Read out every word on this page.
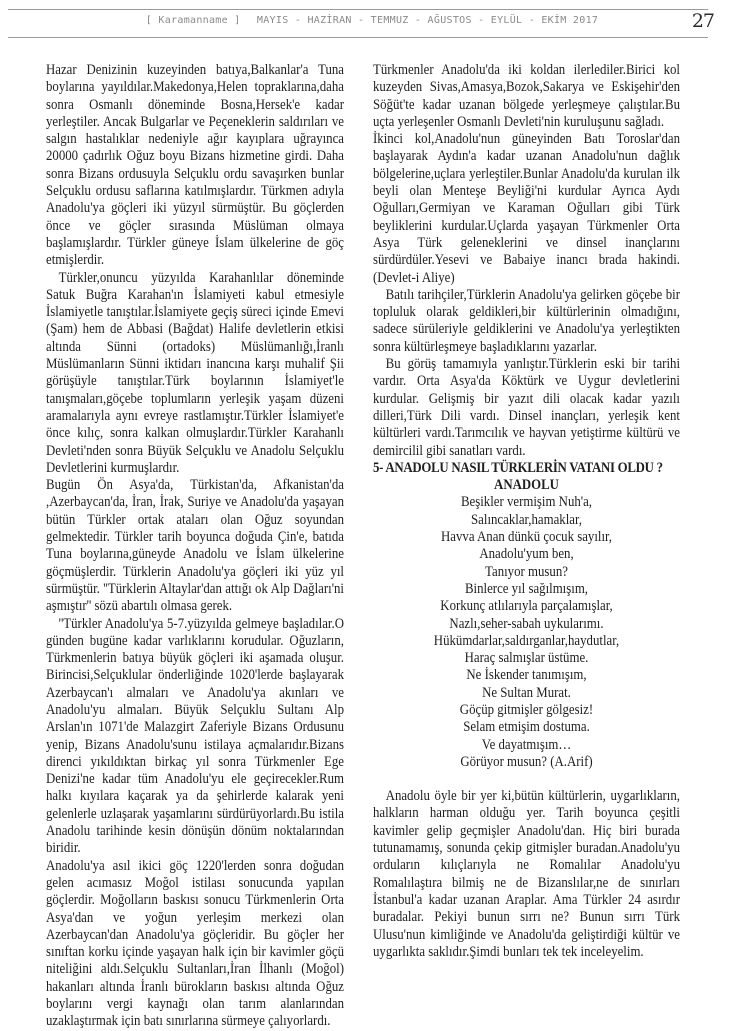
[ Karamanname ] MAYIS - HAZİRAN - TEMMUZ - AĞUSTOS - EYLÜL - EKİM 2017	27

Hazar Denizinin kuzeyinden batıya,Balkanlar'a Tuna boylarına yayıldılar.Makedonya,Helen topraklarına,daha sonra Osmanlı döneminde Bosna,Hersek'e kadar yerleştiler. Ancak Bulgarlar ve Peçeneklerin saldırıları ve salgın hastalıklar nedeniyle ağır kayıplara uğrayınca 20000 çadırlık Oğuz boyu Bizans hizmetine girdi. Daha sonra Bizans ordusuyla Selçuklu ordu savaşırken bunlar Selçuklu ordusu saflarına katılmışlardır. Türkmen adıyla Anadolu'ya göçleri iki yüzyıl sürmüştür. Bu göçlerden önce ve göçler sırasında Müslüman olmaya başlamışlardır. Türkler güneye İslam ülkelerine de göç etmişlerdir.

Türkler,onuncu yüzyılda Karahanlılar döneminde Satuk Buğra Karahan'ın İslamiyeti kabul etmesiyle İslamiyetle tanıştılar.İslamiyete geçiş süreci içinde Emevi (Şam) hem de Abbasi (Bağdat) Halife devletlerin etkisi altında Sünni (ortadoks) Müslümanlığı,İranlı Müslümanların Sünni iktidarı inancına karşı muhalif Şii görüşüyle tanıştılar.Türk boylarının İslamiyet'le tanışmaları,göçebe toplumların yerleşik yaşam düzeni aramalarıyla aynı evreye rastlamıştır.Türkler İslamiyet'e önce kılıç, sonra kalkan olmuşlardır.Türkler Karahanlı Devleti'nden sonra Büyük Selçuklu ve Anadolu Selçuklu Devletlerini kurmuşlardır.

Bugün Ön Asya'da, Türkistan'da, Afkanistan'da ,Azerbaycan'da, İran, İrak, Suriye ve Anadolu'da yaşayan bütün Türkler ortak ataları olan Oğuz soyundan gelmektedir. Türkler tarih boyunca doğuda Çin'e, batıda Tuna boylarına,güneyde Anadolu ve İslam ülkelerine göçmüşlerdir. Türklerin Anadolu'ya göçleri iki yüz yıl sürmüştür. ''Türklerin Altaylar'dan attığı ok Alp Dağları'ni aşmıştır'' sözü abartılı olmasa gerek.

''Türkler Anadolu'ya 5-7.yüzyılda gelmeye başladılar.O günden bugüne kadar varlıklarını korudular. Oğuzların, Türkmenlerin batıya büyük göçleri iki aşamada oluşur. Birincisi,Selçuklular önderliğinde 1020'lerde başlayarak Azerbaycan'ı almaları ve Anadolu'ya akınları ve Anadolu'yu almaları. Büyük Selçuklu Sultanı Alp Arslan'ın 1071'de Malazgirt Zaferiyle Bizans Ordusunu yenip, Bizans Anadolu'sunu istilaya açmalarıdır.Bizans direnci yıkıldıktan birkaç yıl sonra Türkmenler Ege Denizi'ne kadar tüm Anadolu'yu ele geçirecekler.Rum halkı kıyılara kaçarak ya da şehirlerde kalarak yeni gelenlerle uzlaşarak yaşamlarını sürdürüyorlardı.Bu istila Anadolu tarihinde kesin dönüşün dönüm noktalarından biridir.

Anadolu'ya asıl ikici göç 1220'lerden sonra doğudan gelen acımasız Moğol istilası sonucunda yapılan göçlerdir. Moğolların baskısı sonucu Türkmenlerin Orta Asya'dan ve yoğun yerleşim merkezi olan Azerbaycan'dan Anadolu'ya göçleridir. Bu göçler her sınıftan korku içinde yaşayan halk için bir kavimler göçü niteliğini aldı.Selçuklu Sultanları,İran İlhanlı (Moğol) hakanları altında İranlı bürokların baskısı altında Oğuz boylarını vergi kaynağı olan tarım alanlarından uzaklaştırmak için batı sınırlarına sürmeye çalıyorlardı.

Türkmenler Anadolu'da iki koldan ilerlediler.Birici kol kuzeyden Sivas,Amasya,Bozok,Sakarya ve Eskişehir'den Söğüt'te kadar uzanan bölgede yerleşmeye çalıştılar.Bu uçta yerleşenler Osmanlı Devleti'nin kuruluşunu sağladı.

İkinci kol,Anadolu'nun güneyinden Batı Toroslar'dan başlayarak Aydın'a kadar uzanan Anadolu'nun dağlık bölgelerine,uçlara yerleştiler.Bunlar Anadolu'da kurulan ilk beyli olan Menteşe Beyliği'ni kurdular Ayrıca Aydı Oğulları,Germiyan ve Karaman Oğulları gibi Türk beyliklerini kurdular.Uçlarda yaşayan Türkmenler Orta Asya Türk geleneklerini ve dinsel inançlarını sürdürdüler.Yesevi ve Babaiye inancı brada hakindi. (Devlet-i Aliye)

Batılı tarihçiler,Türklerin Anadolu'ya gelirken göçebe bir topluluk olarak geldikleri,bir kültürlerinin olmadığını, sadece sürüleriyle geldiklerini ve Anadolu'ya yerleştikten sonra kültürleşmeye başladıklarını yazarlar.

Bu görüş tamamıyla yanlıştır.Türklerin eski bir tarihi vardır. Orta Asya'da Köktürk ve Uygur devletlerini kurdular. Gelişmiş bir yazıt dili olacak kadar yazılı dilleri,Türk Dili vardı. Dinsel inançları, yerleşik kent kültürleri vardı.Tarımcılık ve hayvan yetiştirme kültürü ve demircilil gibi sanatları vardı.

5- ANADOLU NASIL TÜRKLERİN VATANI OLDU ?

ANADOLU
Beşikler vermişim Nuh'a,
Salıncaklar,hamaklar,
Havva Anan dünkü çocuk sayılır,
Anadolu'yum ben,
Tanıyor musun?
Binlerce yıl sağılmışım,
Korkunç atlılarıyla parçalamışlar,
Nazlı,seher-sabah uykularımı.
Hükümdarlar,saldırganlar,haydutlar,
Haraç salmışlar üstüme.
Ne İskender tanımışım,
Ne Sultan Murat.
Göçüp gitmişler gölgesiz!
Selam etmişim dostuma.
Ve dayatmışım…
Görüyor musun? (A.Arif)

Anadolu öyle bir yer ki,bütün kültürlerin, uygarlıkların, halkların harman olduğu yer. Tarih boyunca çeşitli kavimler gelip geçmişler Anadolu'dan. Hiç biri burada tutunamamış, sonunda çekip gitmişler buradan.Anadolu'yu orduların kılıçlarıyla ne Romalılar Anadolu'yu Romalılaştıra bilmiş ne de Bizanslılar,ne de sınırları İstanbul'a kadar uzanan Araplar. Ama Türkler 24 asırdır buradalar. Pekiyi bunun sırrı ne? Bunun sırrı Türk Ulusu'nun kimliğinde ve Anadolu'da geliştirdiği kültür ve uygarlıkta saklıdır.Şimdi bunları tek tek inceleyelim.
